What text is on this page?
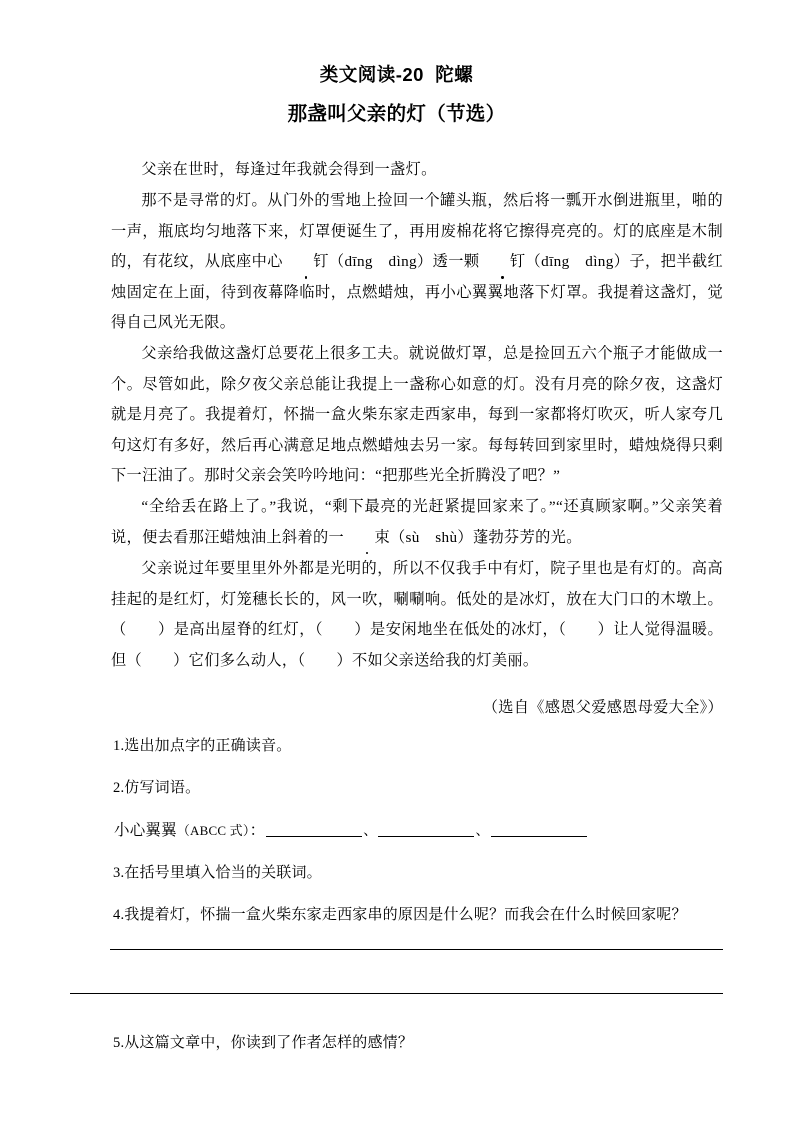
类文阅读-20  陀螺
那盏叫父亲的灯（节选）

父亲在世时，每逢过年我就会得到一盏灯。

那不是寻常的灯。从门外的雪地上捡回一个罐头瓶，然后将一瓢开水倒进瓶里，啪的一声，瓶底均匀地落下来，灯罩便诞生了，再用废棉花将它擦得亮亮的。灯的底座是木制的，有花纹，从底座中心 钉（dīng　dìng）透一颗 钉（dīng　dìng）子，把半截红烛固定在上面，待到夜幕降临时，点燃蜡烛，再小心翼翼地落下灯罩。我提着这盏灯，觉得自己风光无限。

父亲给我做这盏灯总要花上很多工夫。就说做灯罩，总是捡回五六个瓶子才能做成一个。尽管如此，除夕夜父亲总能让我提上一盏称心如意的灯。没有月亮的除夕夜，这盏灯就是月亮了。我提着灯，怀揣一盒火柴东家走西家串，每到一家都将灯吹灭，听人家夸几句这灯有多好，然后再心满意足地点燃蜡烛去另一家。每每转回到家里时，蜡烛烧得只剩下一汪油了。那时父亲会笑吟吟地问：“把那些光全折腾没了吧？”

“全给丢在路上了。”我说，“剩下最亮的光赶紧提回家来了。”“还真顾家啊。”父亲笑着说，便去看那汪蜡烛油上斜着的一 束（sù　shù）蓬勃芬芳的光。

父亲说过年要里里外外都是光明的，所以不仅我手中有灯，院子里也是有灯的。高高挂起的是红灯，灯笼穗长长的，风一吹，唰唰响。低处的是冰灯，放在大门口的木墩上。（　　）是高出屋脊的红灯，（　　）是安闲地坐在低处的冰灯，（　　）让人觉得温暖。但（　　）它们多么动人，（　　）不如父亲送给我的灯美丽。

（选自《感恩父爱感恩母爱大全》）
1.选出加点字的正确读音。
2.仿写词语。
小心翼翼（ABCC 式）：	、	、
3.在括号里填入恰当的关联词。
4.我提着灯，怀揣一盒火柴东家走西家串的原因是什么呢？而我会在什么时候回家呢？
5.从这篇文章中，你读到了作者怎样的感情？
